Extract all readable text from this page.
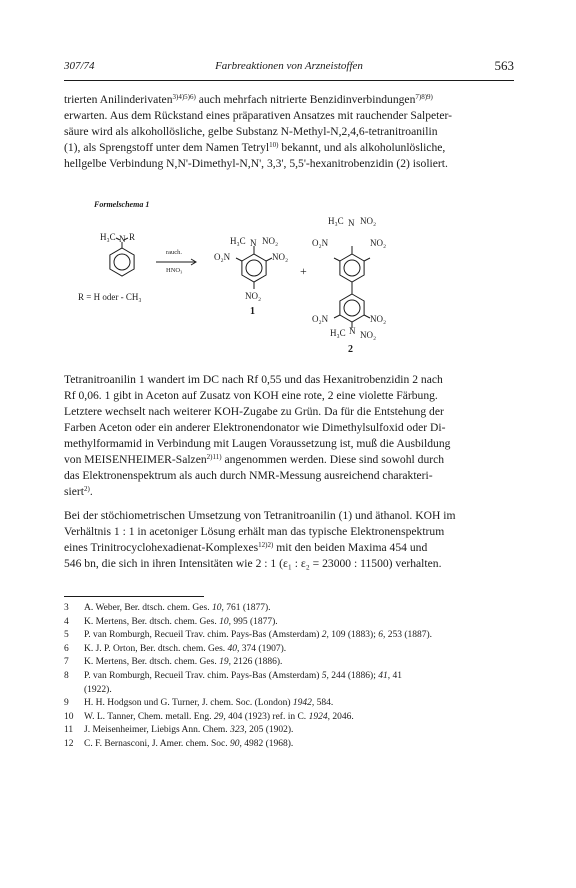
307/74	Farbreaktionen von Arzneistoffen	563
trierten Anilinderivaten$^{3)4)5)6)}$ auch mehrfach nitrierte Benzidinverbindungen$^{7)8)9)}$
erwarten. Aus dem Rückstand eines präparativen Ansatzes mit rauchender Salpeter-
säure wird als alkohollösliche, gelbe Substanz N-Methyl-N,2,4,6-tetranitroanilin
(1), als Sprengstoff unter dem Namen Tetryl$^{10)}$ bekannt, und als alkoholunlösliche,
hellgelbe Verbindung N,N'-Dimethyl-N,N', 3,3', 5,5'-hexanitrobenzidin (2) isoliert.
Formelschema 1
H₃C N R
rauch.
HNO₃
R = H oder - CH₃
H₃C N NO₂
O₂N	NO₂
NO₂
1
+
H₃C N NO₂
O₂N	NO₂
O₂N	NO₂
H₃C N NO₂
2
Tetranitroanilin 1 wandert im DC nach Rf 0,55 und das Hexanitrobenzidin 2 nach
Rf 0,06. 1 gibt in Aceton auf Zusatz von KOH eine rote, 2 eine violette Färbung.
Letztere wechselt nach weiterer KOH-Zugabe zu Grün. Da für die Entstehung der
Farben Aceton oder ein anderer Elektronendonator wie Dimethylsulfoxid oder Di-
methylformamid in Verbindung mit Laugen Voraussetzung ist, muß die Ausbildung
von MEISENHEIMER-Salzen$^{2)11)}$ angenommen werden. Diese sind sowohl durch
das Elektronenspektrum als auch durch NMR-Messung ausreichend charakteri-
siert$^{2)}$.
Bei der stöchiometrischen Umsetzung von Tetranitroanilin (1) und äthanol. KOH im
Verhältnis 1 : 1 in acetoniger Lösung erhält man das typische Elektronenspektrum
eines Trinitrocyclohexadienat-Komplexes$^{12)2)}$ mit den beiden Maxima 454 und
546 bn, die sich in ihren Intensitäten wie 2 : 1 (ε₁ : ε₂ = 23000 : 11500) verhalten.
3 A. Weber, Ber. dtsch. chem. Ges. 10, 761 (1877).
4 K. Mertens, Ber. dtsch. chem. Ges. 10, 995 (1877).
5 P. van Romburgh, Recueil Trav. chim. Pays-Bas (Amsterdam) 2, 109 (1883); 6, 253 (1887).
6 K. J. P. Orton, Ber. dtsch. chem. Ges. 40, 374 (1907).
7 K. Mertens, Ber. dtsch. chem. Ges. 19, 2126 (1886).
8 P. van Romburgh, Recueil Trav. chim. Pays-Bas (Amsterdam) 5, 244 (1886); 41, 41
(1922).
9 H. H. Hodgson und G. Turner, J. chem. Soc. (London) 1942, 584.
10 W. L. Tanner, Chem. metall. Eng. 29, 404 (1923) ref. in C. 1924, 2046.
11 J. Meisenheimer, Liebigs Ann. Chem. 323, 205 (1902).
12 C. F. Bernasconi, J. Amer. chem. Soc. 90, 4982 (1968).
